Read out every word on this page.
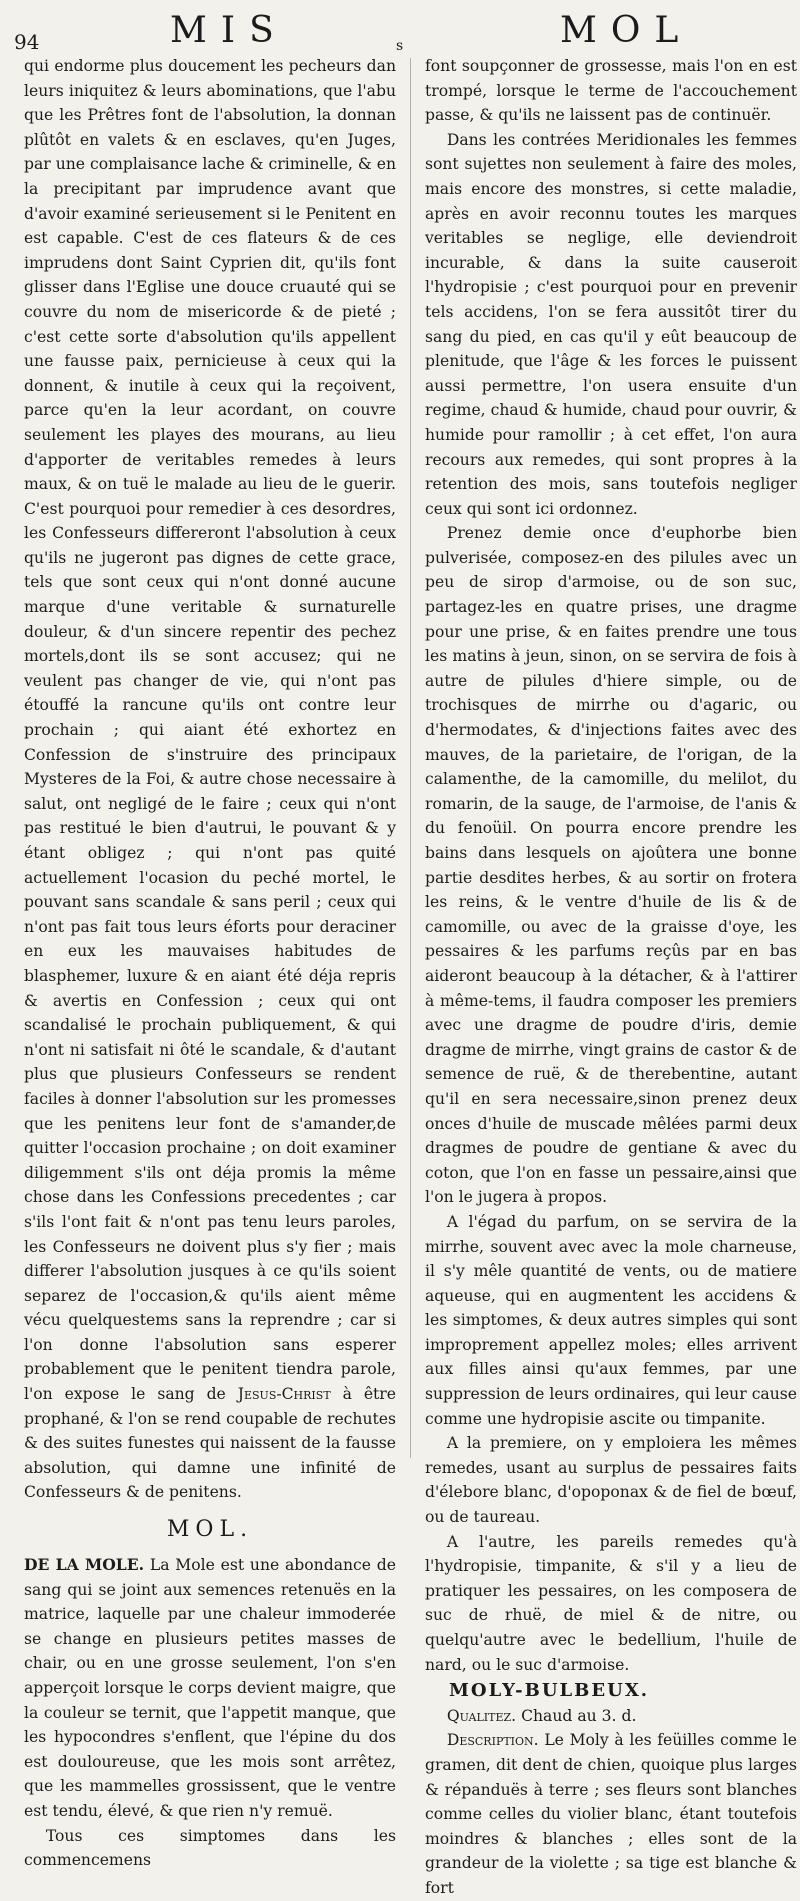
94	MIS	s	MOL

qui endorme plus doucement les pecheurs dan leurs iniquitez & leurs abominations, que l'abu que les Prêtres font de l'absolution, la donnan plûtôt en valets & en esclaves, qu'en Juges, par une complaisance lache & criminelle, & en la precipitant par imprudence avant que d'avoir examiné serieusement si le Penitent en est capable. C'est de ces flateurs & de ces imprudens dont Saint Cyprien dit, qu'ils font glisser dans l'Eglise une douce cruauté qui se couvre du nom de misericorde & de pieté ; c'est cette sorte d'absolution qu'ils appellent une fausse paix, pernicieuse à ceux qui la donnent, & inutile à ceux qui la reçoivent, parce qu'en la leur acordant, on couvre seulement les playes des mourans, au lieu d'apporter de veritables remedes à leurs maux, & on tuë le malade au lieu de le guerir. C'est pourquoi pour remedier à ces desordres, les Confesseurs differeront l'absolution à ceux qu'ils ne jugeront pas dignes de cette grace, tels que sont ceux qui n'ont donné aucune marque d'une veritable & surnaturelle douleur, & d'un sincere repentir des pechez mortels,dont ils se sont accusez; qui ne veulent pas changer de vie, qui n'ont pas étouffé la rancune qu'ils ont contre leur prochain ; qui aiant été exhortez en Confession de s'instruire des principaux Mysteres de la Foi, & autre chose necessaire à salut, ont negligé de le faire ; ceux qui n'ont pas restitué le bien d'autrui, le pouvant & y étant obligez ; qui n'ont pas quité actuellement l'ocasion du peché mortel, le pouvant sans scandale & sans peril ; ceux qui n'ont pas fait tous leurs éforts pour deraciner en eux les mauvaises habitudes de blasphemer, luxure & en aiant été déja repris & avertis en Confession ; ceux qui ont scandalisé le prochain publiquement, & qui n'ont ni satisfait ni ôté le scandale, & d'autant plus que plusieurs Confesseurs se rendent faciles à donner l'absolution sur les promesses que les penitens leur font de s'amander,de quitter l'occasion prochaine ; on doit examiner diligemment s'ils ont déja promis la même chose dans les Confessions precedentes ; car s'ils l'ont fait & n'ont pas tenu leurs paroles, les Confesseurs ne doivent plus s'y fier ; mais differer l'absolution jusques à ce qu'ils soient separez de l'occasion,& qu'ils aient même vécu quelquestems sans la reprendre ; car si l'on donne l'absolution sans esperer probablement que le penitent tiendra parole, l'on expose le sang de Jesus-Christ à être prophané, & l'on se rend coupable de rechutes & des suites funestes qui naissent de la fausse absolution, qui damne une infinité de Confesseurs & de penitens.

MOL.

DE LA MOLE. La Mole est une abondance de sang qui se joint aux semences retenuës en la matrice, laquelle par une chaleur immoderée se change en plusieurs petites masses de chair, ou en une grosse seulement, l'on s'en apperçoit lorsque le corps devient maigre, que la couleur se ternit, que l'appetit manque, que les hypocondres s'enflent, que l'épine du dos est douloureuse, que les mois sont arrêtez, que les mammelles grossissent, que le ventre est tendu, élevé, & que rien n'y remuë.

Tous ces simptomes dans les commencemens

font soupçonner de grossesse, mais l'on en est trompé, lorsque le terme de l'accouchement passe, & qu'ils ne laissent pas de continuër.

Dans les contrées Meridionales les femmes sont sujettes non seulement à faire des moles, mais encore des monstres, si cette maladie, après en avoir reconnu toutes les marques veritables se neglige, elle deviendroit incurable, & dans la suite causeroit l'hydropisie ; c'est pourquoi pour en prevenir tels accidens, l'on se fera aussitôt tirer du sang du pied, en cas qu'il y eût beaucoup de plenitude, que l'âge & les forces le puissent aussi permettre, l'on usera ensuite d'un regime, chaud & humide, chaud pour ouvrir, & humide pour ramollir ; à cet effet, l'on aura recours aux remedes, qui sont propres à la retention des mois, sans toutefois negliger ceux qui sont ici ordonnez.

Prenez demie once d'euphorbe bien pulverisée, composez-en des pilules avec un peu de sirop d'armoise, ou de son suc, partagez-les en quatre prises, une dragme pour une prise, & en faites prendre une tous les matins à jeun, sinon, on se servira de fois à autre de pilules d'hiere simple, ou de trochisques de mirrhe ou d'agaric, ou d'hermodates, & d'injections faites avec des mauves, de la parietaire, de l'origan, de la calamenthe, de la camomille, du melilot, du romarin, de la sauge, de l'armoise, de l'anis & du fenoüil. On pourra encore prendre les bains dans lesquels on ajoûtera une bonne partie desdites herbes, & au sortir on frotera les reins, & le ventre d'huile de lis & de camomille, ou avec de la graisse d'oye, les pessaires & les parfums reçûs par en bas aideront beaucoup à la détacher, & à l'attirer à même-tems, il faudra composer les premiers avec une dragme de poudre d'iris, demie dragme de mirrhe, vingt grains de castor & de semence de ruë, & de therebentine, autant qu'il en sera necessaire,sinon prenez deux onces d'huile de muscade mêlées parmi deux dragmes de poudre de gentiane & avec du coton, que l'on en fasse un pessaire,ainsi que l'on le jugera à propos.

A l'égad du parfum, on se servira de la mirrhe, souvent avec avec la mole charneuse, il s'y mêle quantité de vents, ou de matiere aqueuse, qui en augmentent les accidens & les simptomes, & deux autres simples qui sont improprement appellez moles; elles arrivent aux filles ainsi qu'aux femmes, par une suppression de leurs ordinaires, qui leur cause comme une hydropisie ascite ou timpanite.

A la premiere, on y emploiera les mêmes remedes, usant au surplus de pessaires faits d'élebore blanc, d'opoponax & de fiel de bœuf, ou de taureau.

A l'autre, les pareils remedes qu'à l'hydropisie, timpanite, & s'il y a lieu de pratiquer les pessaires, on les composera de suc de rhuë, de miel & de nitre, ou quelqu'autre avec le bedellium, l'huile de nard, ou le suc d'armoise.

MOLY-BULBEUX.

Qualitez. Chaud au 3. d.

Description. Le Moly à les feüilles comme le gramen, dit dent de chien, quoique plus larges & répanduës à terre ; ses fleurs sont blanches comme celles du violier blanc, étant toutefois moindres & blanches ; elles sont de la grandeur de la violette ; sa tige est blanche & fort
